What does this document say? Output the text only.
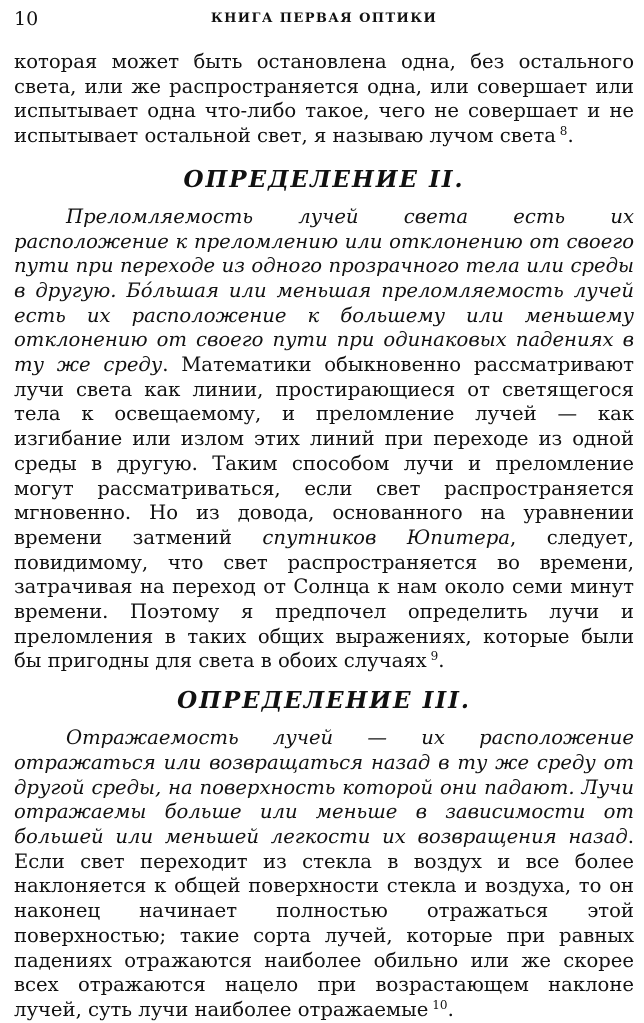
10	КНИГА ПЕРВАЯ ОПТИКИ

которая может быть остановлена одна, без остального света, или же распространяется одна, или совершает или испытывает одна что-либо такое, чего не совершает и не испытывает остальной свет, я называю лучом света  $^8$.

ОПРЕДЕЛЕНИЕ II.

Преломляемость лучей света есть их расположение к преломлению или отклонению от своего пути при переходе из одного прозрачного тела или среды в другую. Бо́льшая или меньшая преломляемость лучей есть их расположение к большему или меньшему отклонению от своего пути при одинаковых падениях в ту же среду. Математики обыкновенно рассматривают лучи света как линии, простирающиеся от светящегося тела к освещаемому, и преломление лучей — как изгибание или излом этих линий при переходе из одной среды в другую. Таким способом лучи и преломление могут рассматриваться, если свет распространяется мгновенно. Но из довода, основанного на уравнении времени затмений спутников Юпитера, следует, повидимому, что свет распространяется во времени, затрачивая на переход от Солнца к нам около семи минут времени. Поэтому я предпочел определить лучи и преломления в таких общих выражениях, которые были бы пригодны для света в обоих случаях  $^9$.

ОПРЕДЕЛЕНИЕ III.

Отражаемость лучей — их расположение отражаться или возвращаться назад в ту же среду от другой среды, на поверхность которой они падают. Лучи отражаемы больше или меньше в зависимости от большей или меньшей легкости их возвращения назад. Если свет переходит из стекла в воздух и все более наклоняется к общей поверхности стекла и воздуха, то он наконец начинает полностью отражаться этой поверхностью; такие сорта лучей, которые при равных падениях отражаются наиболее обильно или же скорее всех отражаются нацело при возрастающем наклоне лучей, суть лучи наиболее отражаемые  $^{10}$.
